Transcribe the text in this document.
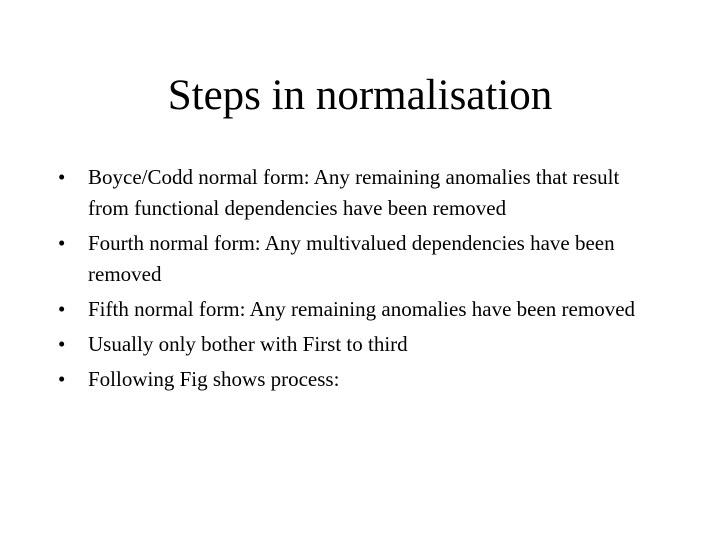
Steps in normalisation
•	Boyce/Codd normal form: Any remaining anomalies that result from functional dependencies have been removed
•	Fourth normal form: Any multivalued dependencies have been removed
•	Fifth normal form: Any remaining anomalies have been removed
•	Usually only bother with First to third
•	Following Fig shows process:
